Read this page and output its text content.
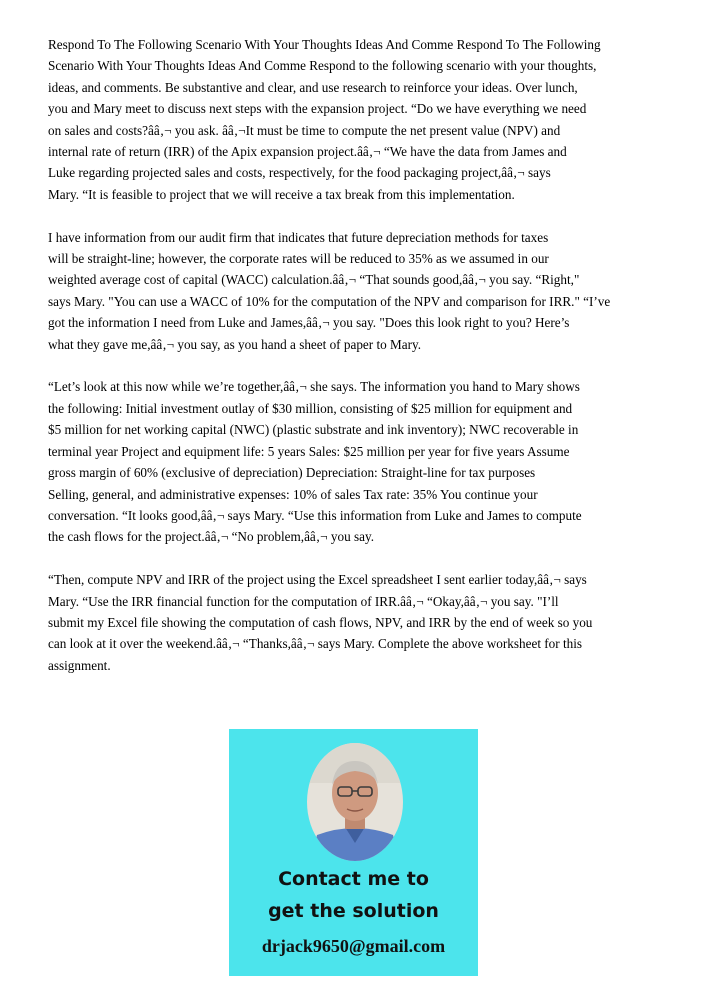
Respond To The Following Scenario With Your Thoughts Ideas And Comme Respond To The Following
Scenario With Your Thoughts Ideas And Comme Respond to the following scenario with your thoughts,
ideas, and comments. Be substantive and clear, and use research to reinforce your ideas. Over lunch,
you and Mary meet to discuss next steps with the expansion project. “Do we have everything we need
on sales and costs?ââ‚¬ you ask. ââ‚¬It must be time to compute the net present value (NPV) and
internal rate of return (IRR) of the Apix expansion project.ââ‚¬ “We have the data from James and
Luke regarding projected sales and costs, respectively, for the food packaging project,ââ‚¬ says
Mary. “It is feasible to project that we will receive a tax break from this implementation.

I have information from our audit firm that indicates that future depreciation methods for taxes
will be straight-line; however, the corporate rates will be reduced to 35% as we assumed in our
weighted average cost of capital (WACC) calculation.ââ‚¬ “That sounds good,ââ‚¬ you say. “Right,"
says Mary. "You can use a WACC of 10% for the computation of the NPV and comparison for IRR." “I’ve
got the information I need from Luke and James,ââ‚¬ you say. "Does this look right to you? Here’s
what they gave me,ââ‚¬ you say, as you hand a sheet of paper to Mary.

“Let’s look at this now while we’re together,ââ‚¬ she says. The information you hand to Mary shows
the following: Initial investment outlay of $30 million, consisting of $25 million for equipment and
$5 million for net working capital (NWC) (plastic substrate and ink inventory); NWC recoverable in
terminal year Project and equipment life: 5 years Sales: $25 million per year for five years Assume
gross margin of 60% (exclusive of depreciation) Depreciation: Straight-line for tax purposes
Selling, general, and administrative expenses: 10% of sales Tax rate: 35% You continue your
conversation. “It looks good,ââ‚¬ says Mary. “Use this information from Luke and James to compute
the cash flows for the project.ââ‚¬ “No problem,ââ‚¬ you say.

“Then, compute NPV and IRR of the project using the Excel spreadsheet I sent earlier today,ââ‚¬ says
Mary. “Use the IRR financial function for the computation of IRR.ââ‚¬ “Okay,ââ‚¬ you say. "I’ll
submit my Excel file showing the computation of cash flows, NPV, and IRR by the end of week so you
can look at it over the weekend.ââ‚¬ “Thanks,ââ‚¬ says Mary. Complete the above worksheet for this
assignment.

Contact me to
get the solution
drjack9650@gmail.com
